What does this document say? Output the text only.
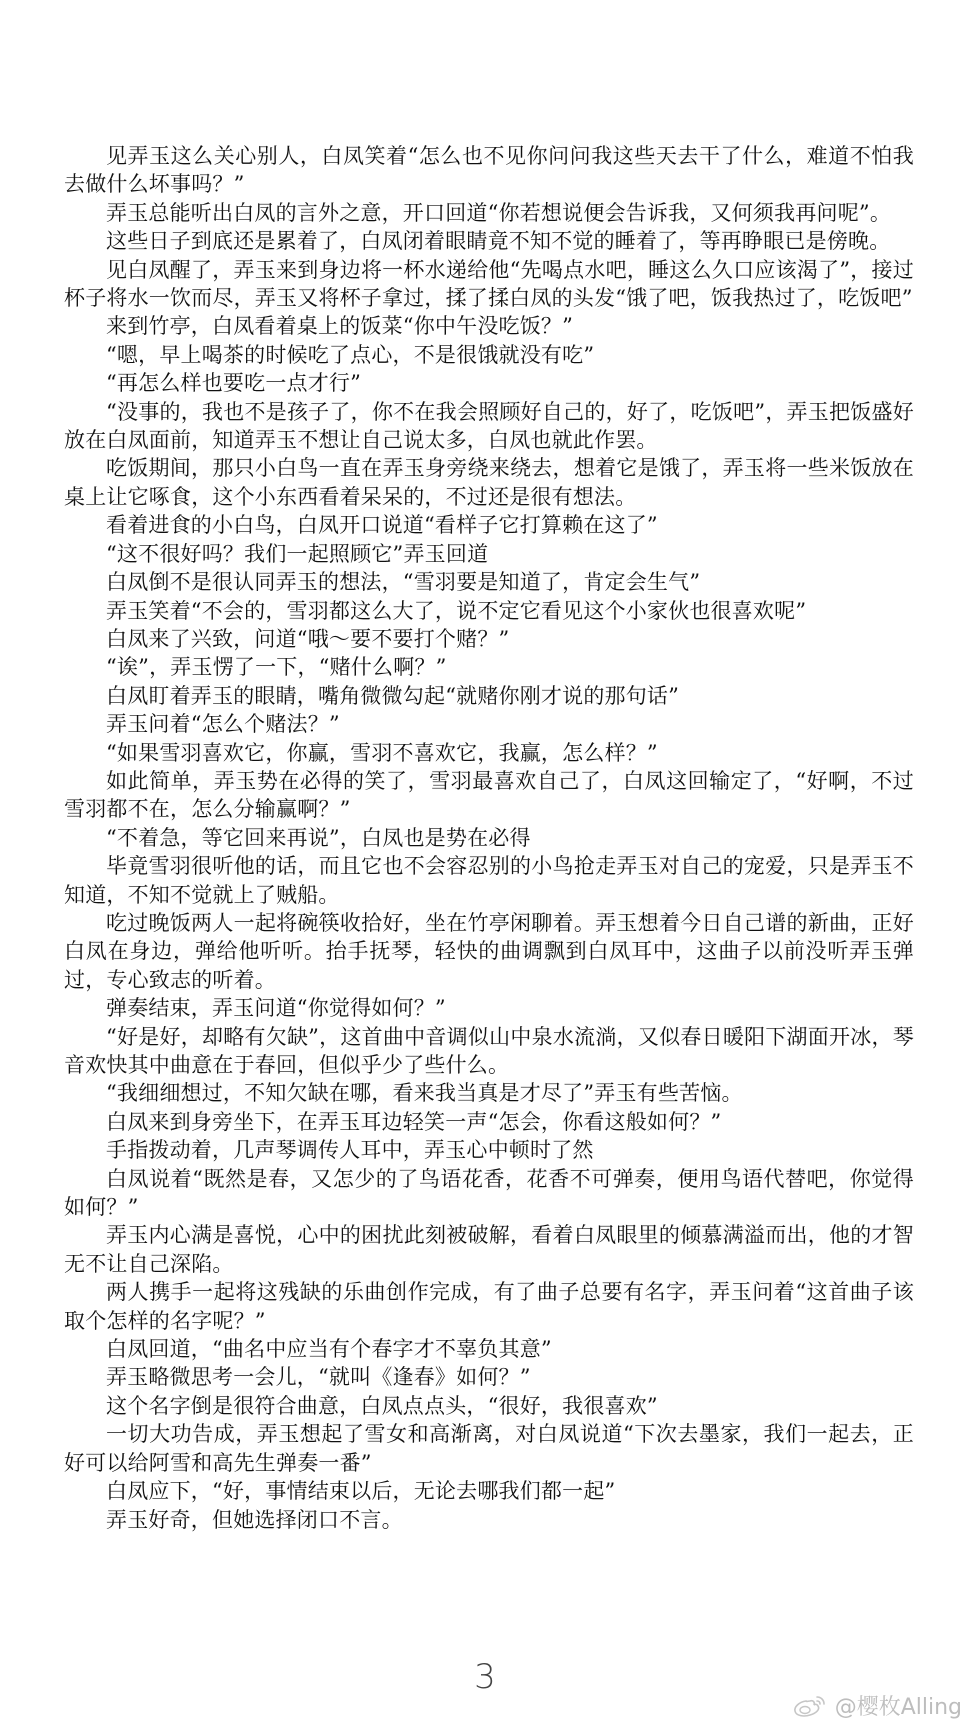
见弄玉这么关心别人，白凤笑着“怎么也不见你问问我这些天去干了什么，难道不怕我去做什么坏事吗？”

弄玉总能听出白凤的言外之意，开口回道“你若想说便会告诉我，又何须我再问呢”。

这些日子到底还是累着了，白凤闭着眼睛竟不知不觉的睡着了，等再睁眼已是傍晚。

见白凤醒了，弄玉来到身边将一杯水递给他“先喝点水吧，睡这么久口应该渴了”，接过杯子将水一饮而尽，弄玉又将杯子拿过，揉了揉白凤的头发“饿了吧，饭我热过了，吃饭吧”

来到竹亭，白凤看着桌上的饭菜“你中午没吃饭？”

“嗯，早上喝茶的时候吃了点心，不是很饿就没有吃”

“再怎么样也要吃一点才行”

“没事的，我也不是孩子了，你不在我会照顾好自己的，好了，吃饭吧”，弄玉把饭盛好放在白凤面前，知道弄玉不想让自己说太多，白凤也就此作罢。

吃饭期间，那只小白鸟一直在弄玉身旁绕来绕去，想着它是饿了，弄玉将一些米饭放在桌上让它啄食，这个小东西看着呆呆的，不过还是很有想法。

看着进食的小白鸟，白凤开口说道“看样子它打算赖在这了”

“这不很好吗？我们一起照顾它”弄玉回道

白凤倒不是很认同弄玉的想法，“雪羽要是知道了，肯定会生气”

弄玉笑着“不会的，雪羽都这么大了，说不定它看见这个小家伙也很喜欢呢”

白凤来了兴致，问道“哦～要不要打个赌？”

“诶”，弄玉愣了一下，“赌什么啊？”

白凤盯着弄玉的眼睛，嘴角微微勾起“就赌你刚才说的那句话”

弄玉问着“怎么个赌法？”

“如果雪羽喜欢它，你赢，雪羽不喜欢它，我赢，怎么样？”

如此简单，弄玉势在必得的笑了，雪羽最喜欢自己了，白凤这回输定了，“好啊，不过雪羽都不在，怎么分输赢啊？”

“不着急，等它回来再说”，白凤也是势在必得

毕竟雪羽很听他的话，而且它也不会容忍别的小鸟抢走弄玉对自己的宠爱，只是弄玉不知道，不知不觉就上了贼船。

吃过晚饭两人一起将碗筷收拾好，坐在竹亭闲聊着。弄玉想着今日自己谱的新曲，正好白凤在身边，弹给他听听。抬手抚琴，轻快的曲调飘到白凤耳中，这曲子以前没听弄玉弹过，专心致志的听着。

弹奏结束，弄玉问道“你觉得如何？”

“好是好，却略有欠缺”，这首曲中音调似山中泉水流淌，又似春日暖阳下湖面开冰，琴音欢快其中曲意在于春回，但似乎少了些什么。

“我细细想过，不知欠缺在哪，看来我当真是才尽了”弄玉有些苦恼。

白凤来到身旁坐下，在弄玉耳边轻笑一声“怎会，你看这般如何？”

手指拨动着，几声琴调传人耳中，弄玉心中顿时了然

白凤说着“既然是春，又怎少的了鸟语花香，花香不可弹奏，便用鸟语代替吧，你觉得如何？”

弄玉内心满是喜悦，心中的困扰此刻被破解，看着白凤眼里的倾慕满溢而出，他的才智无不让自己深陷。

两人携手一起将这残缺的乐曲创作完成，有了曲子总要有名字，弄玉问着“这首曲子该取个怎样的名字呢？”

白凤回道，“曲名中应当有个春字才不辜负其意”

弄玉略微思考一会儿，“就叫《逢春》如何？”

这个名字倒是很符合曲意，白凤点点头，“很好，我很喜欢”

一切大功告成，弄玉想起了雪女和高渐离，对白凤说道“下次去墨家，我们一起去，正好可以给阿雪和高先生弹奏一番”

白凤应下，“好，事情结束以后，无论去哪我们都一起”

弄玉好奇，但她选择闭口不言。

3
@樱枚Alling
